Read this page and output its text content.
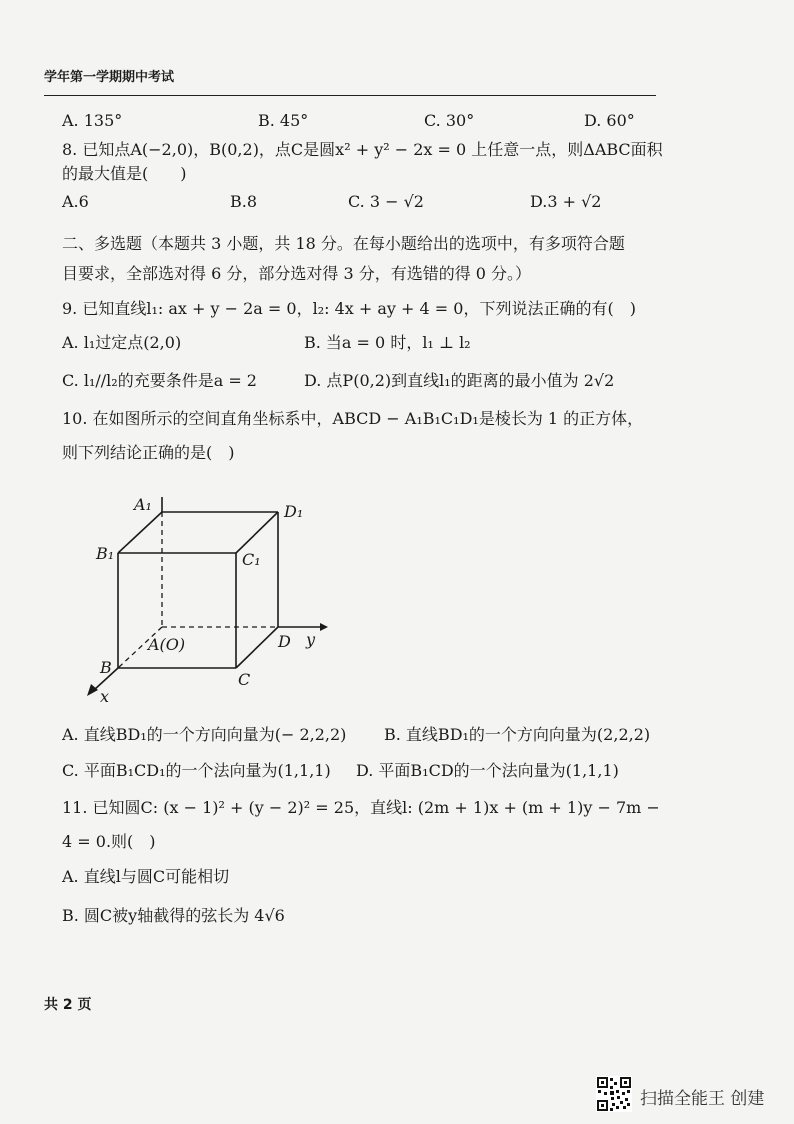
学年第一学期期中考试
A. 135°	B. 45°	C. 30°	D. 60°
8. 已知点A(−2,0)，B(0,2)，点C是圆x² + y² − 2x = 0 上任意一点，则ΔABC面积
的最大值是(　　)
A.6	B.8	C. 3 − √2	D.3 + √2
二、多选题（本题共 3 小题，共 18 分。在每小题给出的选项中，有多项符合题
目要求，全部选对得 6 分，部分选对得 3 分，有选错的得 0 分。）
9. 已知直线l₁: ax + y − 2a = 0，l₂: 4x + ay + 4 = 0，下列说法正确的有(　)
A. l₁过定点(2,0)	B. 当a = 0 时，l₁ ⊥ l₂
C. l₁//l₂的充要条件是a = 2	D. 点P(0,2)到直线l₁的距离的最小值为 2√2
10. 在如图所示的空间直角坐标系中，ABCD − A₁B₁C₁D₁是棱长为 1 的正方体，
则下列结论正确的是(　)
A₁	D₁
B₁	C₁
A(O)	D y
B
C
x
A. 直线BD₁的一个方向向量为(− 2,2,2) B. 直线BD₁的一个方向向量为(2,2,2)
C. 平面B₁CD₁的一个法向量为(1,1,1) D. 平面B₁CD的一个法向量为(1,1,1)
11. 已知圆C: (x − 1)² + (y − 2)² = 25，直线l: (2m + 1)x + (m + 1)y − 7m −
4 = 0.则(　)
A. 直线l与圆C可能相切
B. 圆C被y轴截得的弦长为 4√6
共 2 页
扫描全能王 创建
